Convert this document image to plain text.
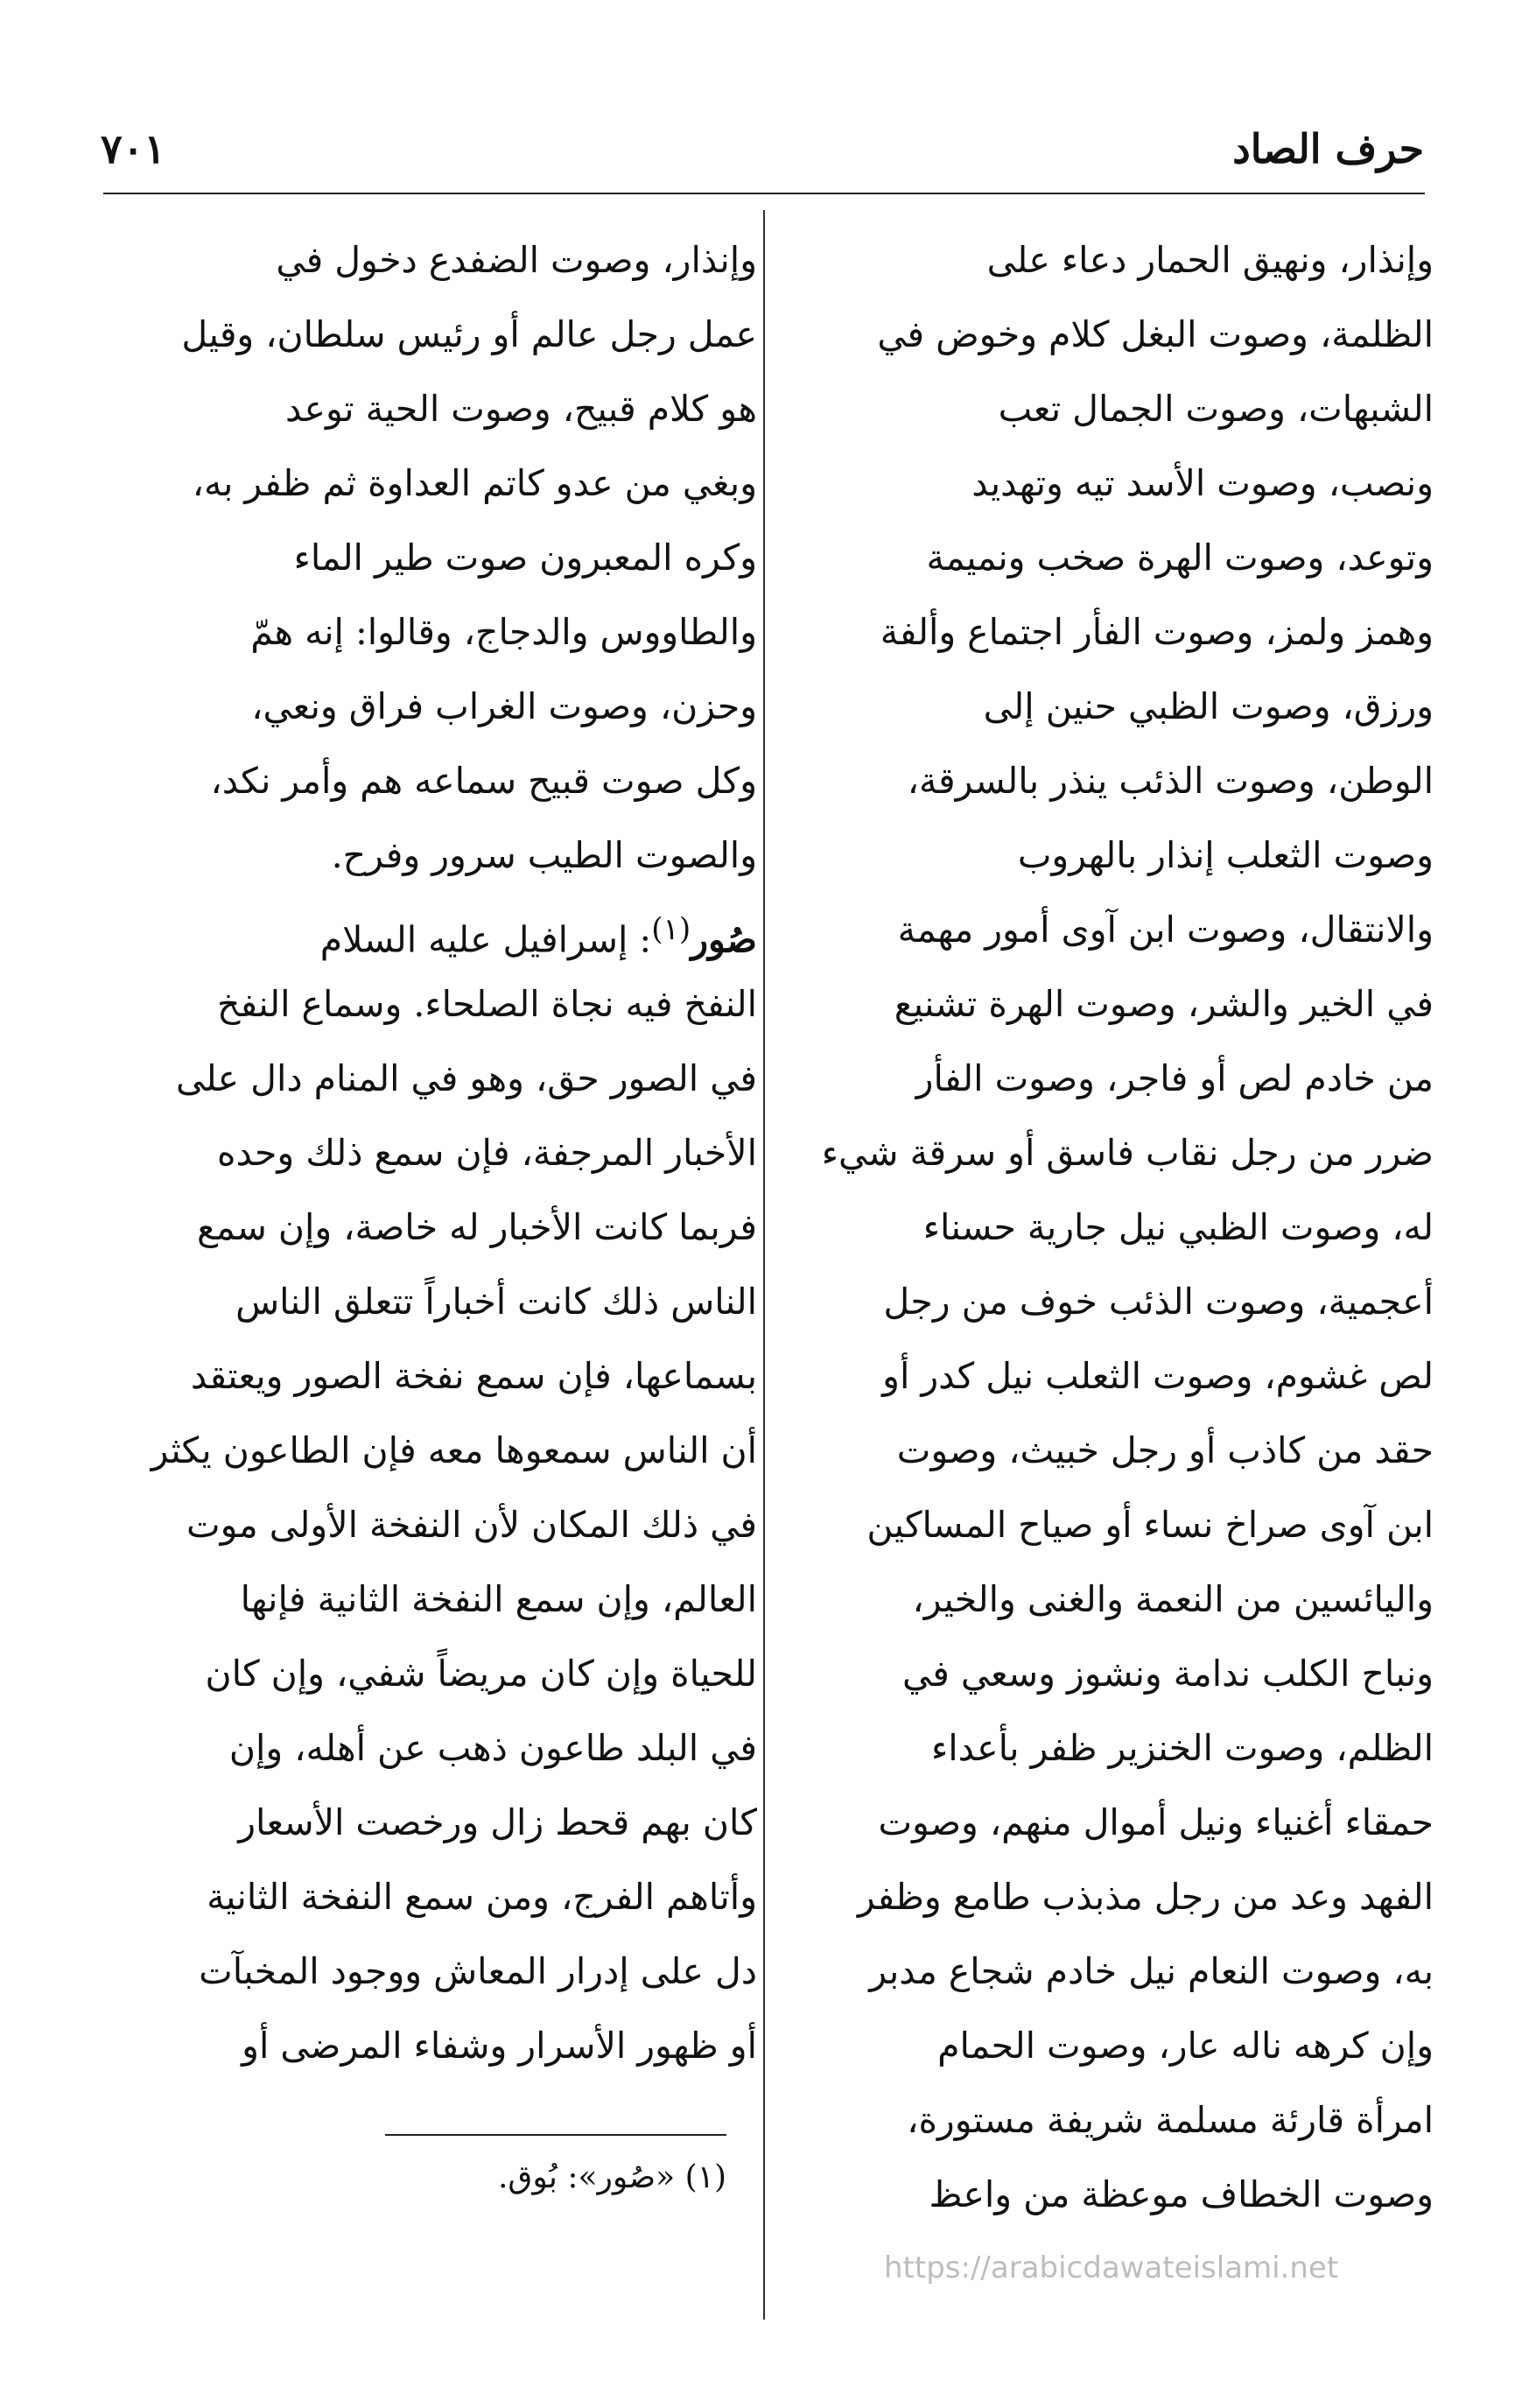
حرف الصاد
٧٠١
وإنذار، ونهيق الحمار دعاء على
الظلمة، وصوت البغل كلام وخوض في
الشبهات، وصوت الجمال تعب
ونصب، وصوت الأسد تيه وتهديد
وتوعد، وصوت الهرة صخب ونميمة
وهمز ولمز، وصوت الفأر اجتماع وألفة
ورزق، وصوت الظبي حنين إلى
الوطن، وصوت الذئب ينذر بالسرقة،
وصوت الثعلب إنذار بالهروب
والانتقال، وصوت ابن آوى أمور مهمة
في الخير والشر، وصوت الهرة تشنيع
من خادم لص أو فاجر، وصوت الفأر
ضرر من رجل نقاب فاسق أو سرقة شيء
له، وصوت الظبي نيل جارية حسناء
أعجمية، وصوت الذئب خوف من رجل
لص غشوم، وصوت الثعلب نيل كدر أو
حقد من كاذب أو رجل خبيث، وصوت
ابن آوى صراخ نساء أو صياح المساكين
واليائسين من النعمة والغنى والخير،
ونباح الكلب ندامة ونشوز وسعي في
الظلم، وصوت الخنزير ظفر بأعداء
حمقاء أغنياء ونيل أموال منهم، وصوت
الفهد وعد من رجل مذبذب طامع وظفر
به، وصوت النعام نيل خادم شجاع مدبر
وإن كرهه ناله عار، وصوت الحمام
امرأة قارئة مسلمة شريفة مستورة،
وصوت الخطاف موعظة من واعظ
وإنذار، وصوت الضفدع دخول في
عمل رجل عالم أو رئيس سلطان، وقيل
هو كلام قبيح، وصوت الحية توعد
وبغي من عدو كاتم العداوة ثم ظفر به،
وكره المعبرون صوت طير الماء
والطاووس والدجاج، وقالوا: إنه همّ
وحزن، وصوت الغراب فراق ونعي،
وكل صوت قبيح سماعه هم وأمر نكد،
والصوت الطيب سرور وفرح.
صُور$^{(١)}$: إسرافيل عليه السلام
النفخ فيه نجاة الصلحاء. وسماع النفخ
في الصور حق، وهو في المنام دال على
الأخبار المرجفة، فإن سمع ذلك وحده
فربما كانت الأخبار له خاصة، وإن سمع
الناس ذلك كانت أخباراً تتعلق الناس
بسماعها، فإن سمع نفخة الصور ويعتقد
أن الناس سمعوها معه فإن الطاعون يكثر
في ذلك المكان لأن النفخة الأولى موت
العالم، وإن سمع النفخة الثانية فإنها
للحياة وإن كان مريضاً شفي، وإن كان
في البلد طاعون ذهب عن أهله، وإن
كان بهم قحط زال ورخصت الأسعار
وأتاهم الفرج، ومن سمع النفخة الثانية
دل على إدرار المعاش ووجود المخبآت
أو ظهور الأسرار وشفاء المرضى أو
(١) «صُور»: بُوق.
https://arabicdawateislami.net
